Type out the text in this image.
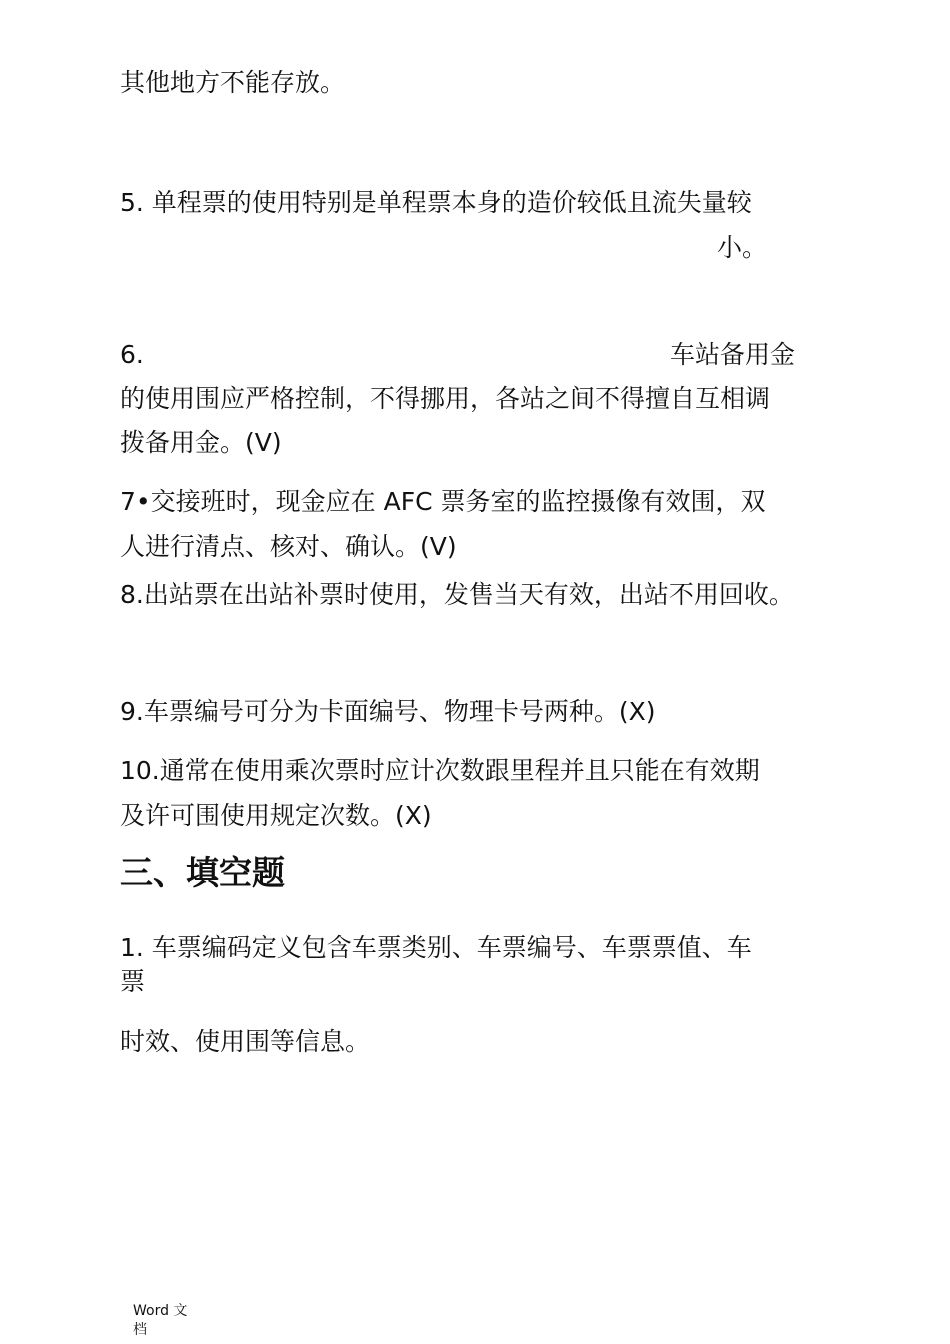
其他地方不能存放。
5. 单程票的使用特别是单程票本身的造价较低且流失量较
小。
6.	车站备用金
的使用围应严格控制，不得挪用，各站之间不得擅自互相调
拨备用金。(V)
7•交接班时，现金应在 AFC 票务室的监控摄像有效围，双
人进行清点、核对、确认。(V)
8.出站票在出站补票时使用，发售当天有效，出站不用回收。
9.车票编号可分为卡面编号、物理卡号两种。(X)
10.通常在使用乘次票时应计次数跟里程并且只能在有效期
及许可围使用规定次数。(X)
三、填空题
1. 车票编码定义包含车票类别、车票编号、车票票值、车
票
时效、使用围等信息。
Word 文
档
